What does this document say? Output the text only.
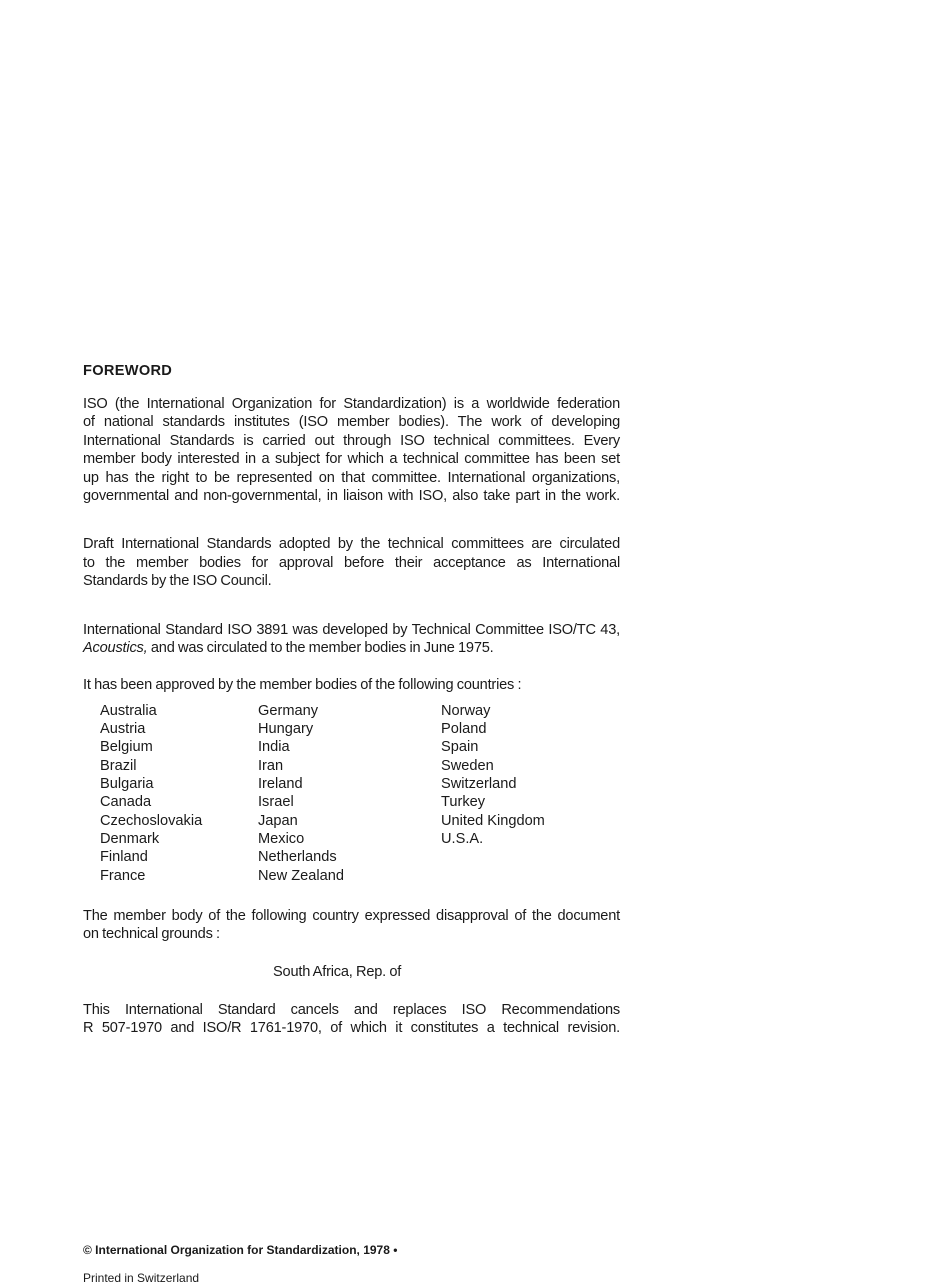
FOREWORD
ISO (the International Organization for Standardization) is a worldwide federation
of national standards institutes (ISO member bodies). The work of developing
International Standards is carried out through ISO technical committees. Every
member body interested in a subject for which a technical committee has been set
up has the right to be represented on that committee. International organizations,
governmental and non-governmental, in liaison with ISO, also take part in the work.
Draft International Standards adopted by the technical committees are circulated
to the member bodies for approval before their acceptance as International
Standards by the ISO Council.
International Standard ISO 3891 was developed by Technical Committee ISO/TC 43,
Acoustics, and was circulated to the member bodies in June 1975.
It has been approved by the member bodies of the following countries :
Australia
Austria
Belgium
Brazil
Bulgaria
Canada
Czechoslovakia
Denmark
Finland
France
Germany
Hungary
India
Iran
Ireland
Israel
Japan
Mexico
Netherlands
New Zealand
Norway
Poland
Spain
Sweden
Switzerland
Turkey
United Kingdom
U.S.A.
The member body of the following country expressed disapproval of the document
on technical grounds :
South Africa, Rep. of
This International Standard cancels and replaces ISO Recommendations
R 507-1970 and ISO/R 1761-1970, of which it constitutes a technical revision.
© International Organization for Standardization, 1978 •
Printed in Switzerland
